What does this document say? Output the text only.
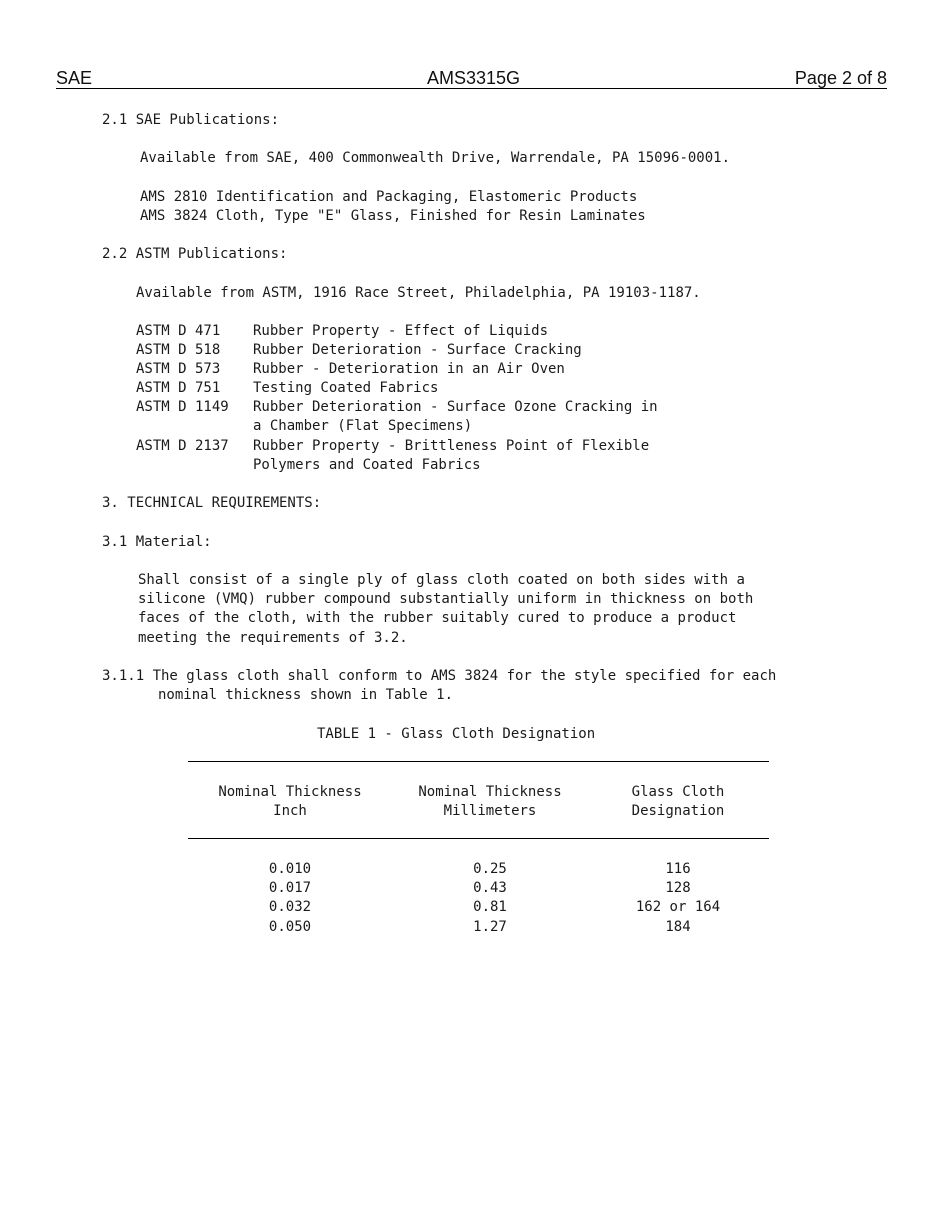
SAE	AMS3315G	Page 2 of 8
2.1 SAE Publications:
Available from SAE, 400 Commonwealth Drive, Warrendale, PA 15096-0001.
AMS 2810 Identification and Packaging, Elastomeric Products
AMS 3824 Cloth, Type "E" Glass, Finished for Resin Laminates
2.2 ASTM Publications:
Available from ASTM, 1916 Race Street, Philadelphia, PA 19103-1187.
ASTM D 471 Rubber Property - Effect of Liquids
ASTM D 518 Rubber Deterioration - Surface Cracking
ASTM D 573 Rubber - Deterioration in an Air Oven
ASTM D 751 Testing Coated Fabrics
ASTM D 1149 Rubber Deterioration - Surface Ozone Cracking in
a Chamber (Flat Specimens)
ASTM D 2137 Rubber Property - Brittleness Point of Flexible
Polymers and Coated Fabrics
3. TECHNICAL REQUIREMENTS:
3.1 Material:
Shall consist of a single ply of glass cloth coated on both sides with a
silicone (VMQ) rubber compound substantially uniform in thickness on both
faces of the cloth, with the rubber suitably cured to produce a product
meeting the requirements of 3.2.
3.1.1 The glass cloth shall conform to AMS 3824 for the style specified for each
nominal thickness shown in Table 1.
TABLE 1 - Glass Cloth Designation
Nominal Thickness
Inch
Nominal Thickness
Millimeters
Glass Cloth
Designation
0.010
0.017
0.032
0.050
0.25
0.43
0.81
1.27
116
128
162 or 164
184
